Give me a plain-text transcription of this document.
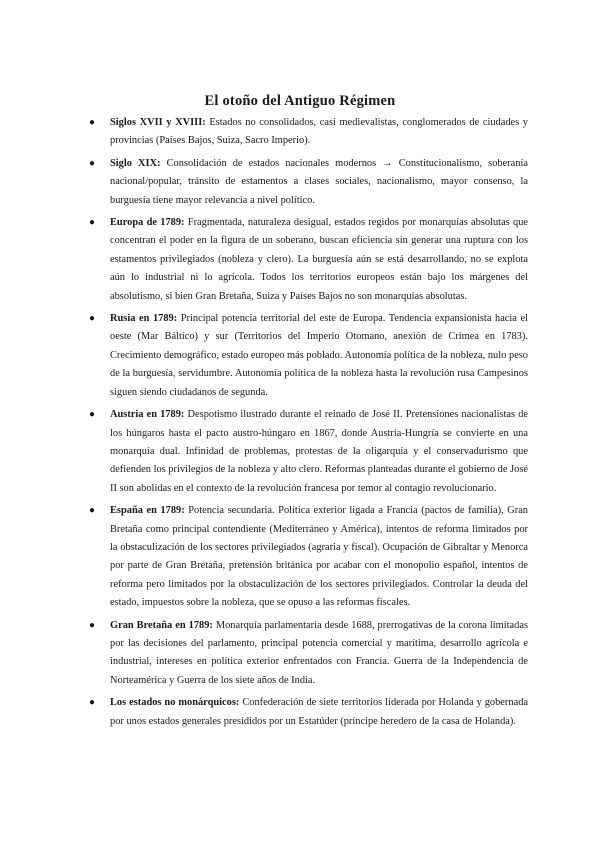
El otoño del Antiguo Régimen
● Siglos XVII y XVIII: Estados no consolidados, casi medievalistas, conglomerados de ciudades y provincias (Países Bajos, Suiza, Sacro Imperio).
● Siglo XIX: Consolidación de estados nacionales modernos → Constitucionalismo, soberanía nacional/popular, tránsito de estamentos a clases sociales, nacionalismo, mayor consenso, la burguesía tiene mayor relevancia a nivel político.
● Europa de 1789: Fragmentada, naturaleza desigual, estados regidos por monarquías absolutas que concentran el poder en la figura de un soberano, buscan eficiencia sin generar una ruptura con los estamentos privilegiados (nobleza y clero). La burguesía aún se está desarrollando, no se explota aún lo industrial ni lo agrícola. Todos los territorios europeos están bajo los márgenes del absolutismo, si bien Gran Bretaña, Suiza y Países Bajos no son monarquías absolutas.
● Rusia en 1789: Principal potencia territorial del este de Europa. Tendencia expansionista hacia el oeste (Mar Báltico) y sur (Territorios del Imperio Otomano, anexión de Crimea en 1783). Crecimiento demográfico, estado europeo más poblado. Autonomía política de la nobleza, nulo peso de la burguesía, servidumbre. Autonomía política de la nobleza hasta la revolución rusa Campesinos siguen siendo ciudadanos de segunda.
● Austria en 1789: Despotismo ilustrado durante el reinado de José II. Pretensiones nacionalistas de los húngaros hasta el pacto austro-húngaro en 1867, donde Austria-Hungría se convierte en una monarquía dual. Infinidad de problemas, protestas de la oligarquía y el conservadurismo que defienden los privilegios de la nobleza y alto clero. Reformas planteadas durante el gobierno de José II son abolidas en el contexto de la revolución francesa por temor al contagio revolucionario.
● España en 1789: Potencia secundaria. Política exterior ligada a Francia (pactos de familia), Gran Bretaña como principal contendiente (Mediterráneo y América), intentos de reforma limitados por la obstaculización de los sectores privilegiados (agraria y fiscal). Ocupación de Gibraltar y Menorca por parte de Gran Bretaña, pretensión británica por acabar con el monopolio español, intentos de reforma pero limitados por la obstaculización de los sectores privilegiados. Controlar la deuda del estado, impuestos sobre la nobleza, que se opuso a las reformas fiscales.
● Gran Bretaña en 1789: Monarquía parlamentaria desde 1688, prerrogativas de la corona limitadas por las decisiones del parlamento, principal potencia comercial y marítima, desarrollo agrícola e industrial, intereses en política exterior enfrentados con Francia. Guerra de la Independencia de Norteamérica y Guerra de los siete años de India.
● Los estados no monárquicos: Confederación de siete territorios liderada por Holanda y gobernada por unos estados generales presididos por un Estatúder (príncipe heredero de la casa de Holanda).
